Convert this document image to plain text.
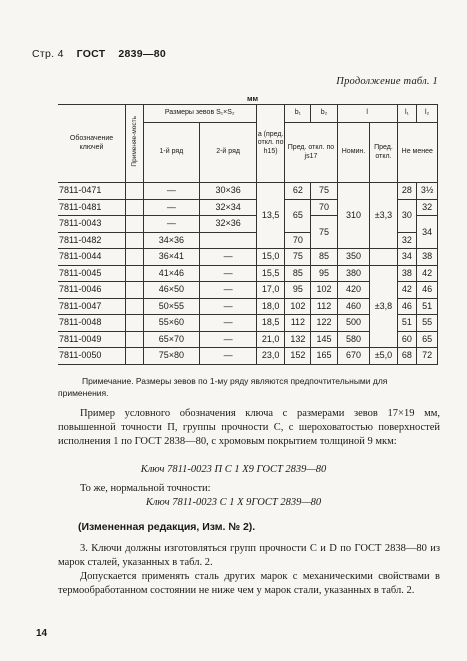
Стр. 4 ГОСТ 2839—80
Продолжение табл. 1
мм
Обозначение ключей	Применяе-мость	Размеры зевов S₁×S₂		a (пред. откл. по h15)	b₁	b₂	l		l₁	l₂
		1-й ряд	2-й ряд		Пред. откл. по js17		Номин.	Пред. откл.	Не менее	

7811-0471		—	30×36	13,5	62	75	310	±3,3	28	3½
7811-0481		—	32×34		65	70			30	32
7811-0043		—	32×36			75				34
7811-0482		34×36			70				32	
7811-0044		36×41	—	15,0	75	85	350		34	38
7811-0045		41×46	—	15,5	85	95	380	±3,8	38	42
7811-0046		46×50	—	17,0	95	102	420		42	46
7811-0047		50×55	—	18,0	102	112	460		46	51
7811-0048		55×60	—	18,5	112	122	500		51	55
7811-0049		65×70	—	21,0	132	145	580		60	65
7811-0050		75×80	—	23,0	152	165	670	±5,0	68	72
Примечание. Размеры зевов по 1-му ряду являются предпочтительными для применения.
Пример условного обозначения ключа с размерами зевов 17×19 мм, повышенной точности П, группы прочности С, с шероховатостью поверхностей исполнения 1 по ГОСТ 2838—80, с хромовым покрытием толщиной 9 мкм:
Ключ 7811-0023 П С 1 Х9 ГОСТ 2839—80
То же, нормальной точности:
Ключ 7811-0023 С 1 Х 9ГОСТ 2839—80
(Измененная редакция, Изм. № 2).
3. Ключи должны изготовляться групп прочности С и D по ГОСТ 2838—80 из марок сталей, указанных в табл. 2.
Допускается применять сталь других марок с механическими свойствами в термообработанном состоянии не ниже чем у марок стали, указанных в табл. 2.
14
